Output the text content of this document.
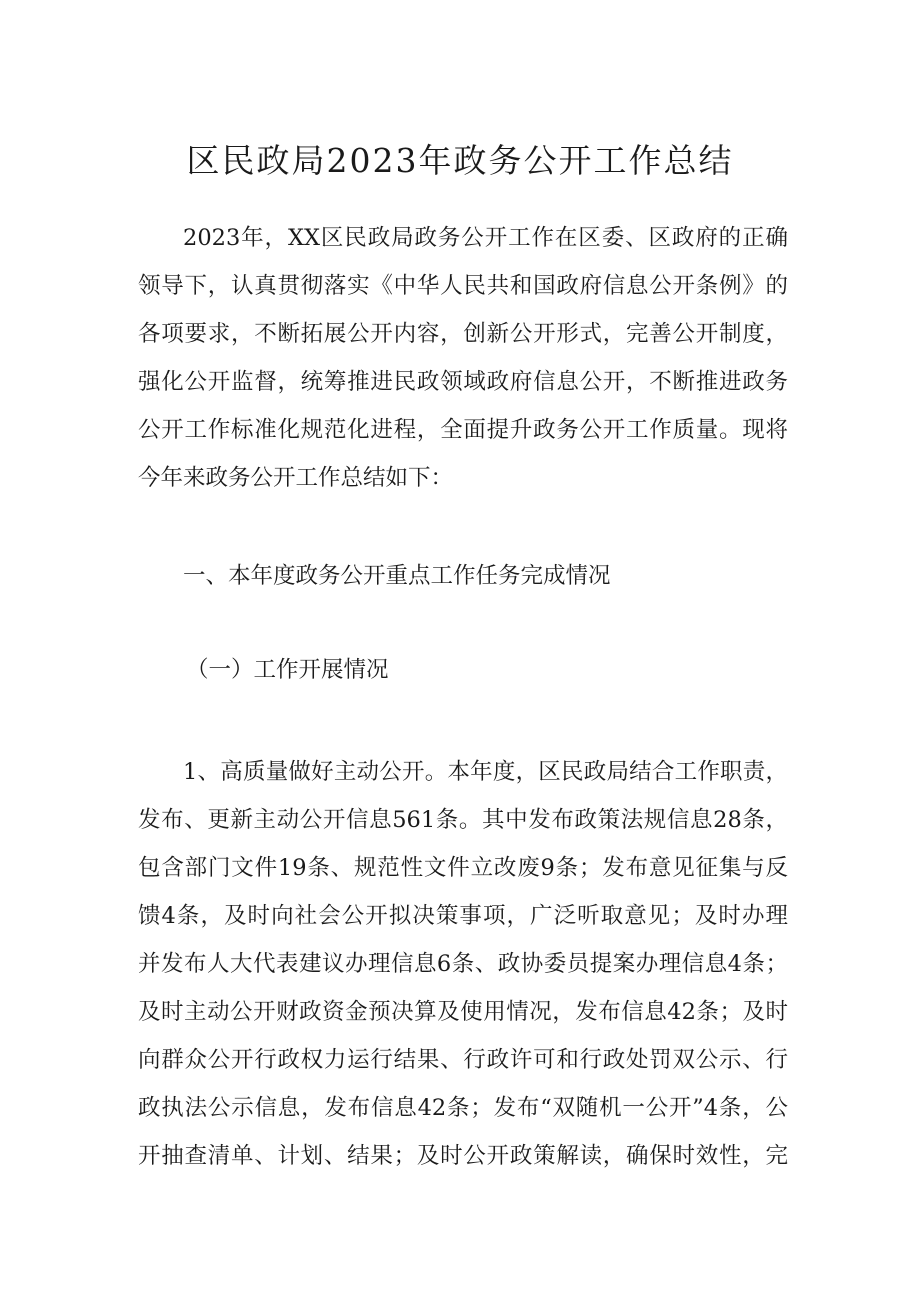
区民政局2023年政务公开工作总结
2023年，XX区民政局政务公开工作在区委、区政府的正确
领导下，认真贯彻落实《中华人民共和国政府信息公开条例》的
各项要求，不断拓展公开内容，创新公开形式，完善公开制度，
强化公开监督，统筹推进民政领域政府信息公开，不断推进政务
公开工作标准化规范化进程，全面提升政务公开工作质量。现将
今年来政务公开工作总结如下：
一、本年度政务公开重点工作任务完成情况
（一）工作开展情况
1、高质量做好主动公开。本年度，区民政局结合工作职责，
发布、更新主动公开信息561条。其中发布政策法规信息28条，
包含部门文件19条、规范性文件立改废9条；发布意见征集与反
馈4条，及时向社会公开拟决策事项，广泛听取意见；及时办理
并发布人大代表建议办理信息6条、政协委员提案办理信息4条；
及时主动公开财政资金预决算及使用情况，发布信息42条；及时
向群众公开行政权力运行结果、行政许可和行政处罚双公示、行
政执法公示信息，发布信息42条；发布“双随机一公开”4条，公
开抽查清单、计划、结果；及时公开政策解读，确保时效性，完
